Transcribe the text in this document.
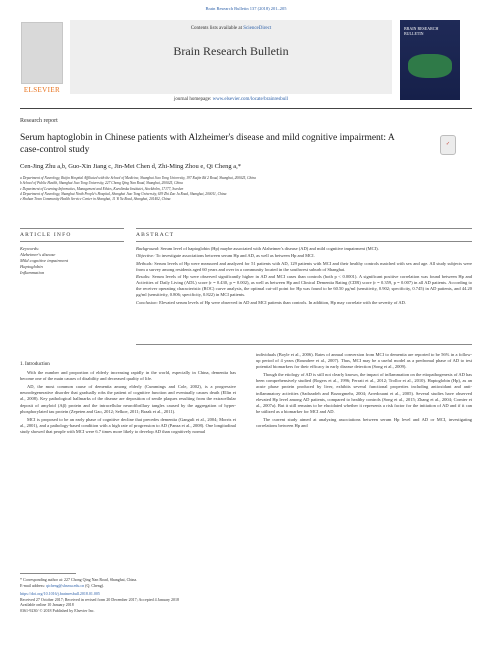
Brain Research Bulletin 137 (2018) 201–205
ELSEVIER
Contents lists available at ScienceDirect
Brain Research Bulletin
BRAIN RESEARCH BULLETIN
journal homepage: www.elsevier.com/locate/brainresbull
Research report
Serum haptoglobin in Chinese patients with Alzheimer's disease and mild cognitive impairment: A case-control study
✓
Cen-Jing Zhu a,b, Guo-Xin Jiang c, Jin-Mei Chen d, Zhi-Ming Zhou e, Qi Cheng a,*
a Department of Neurology, Ruijin Hospital Affiliated with the School of Medicine, Shanghai Jiao Tong University, 197 Ruijin Rd 2 Road, Shanghai, 200025, China
b School of Public Health, Shanghai Jiao Tong University, 227 Chong Qing Nan Road, Shanghai, 200025, China
c Department of Learning Informatics, Management and Ethics, Karolinska Institutet, Stockholm, 17177, Sweden
d Department of Neurology, Shanghai Ninth People's Hospital, Shanghai Jiao Tong University, 639 Zhi Zao Ju Road, Shanghai, 200011, China
e Shuhan Town Community Health Service Center in Shanghai, 11 Yi Yu Road, Shanghai, 201402, China
ARTICLE INFO	ABSTRACT
Keywords:
Alzheimer's disease
Mild cognitive impairment
Haptoglobin
Inflammation

Background: Serum level of haptoglobin (Hp) maybe associated with Alzheimer's disease (AD) and mild cognitive impairment (MCI).

Objective: To investigate associations between serum Hp and AD, as well as between Hp and MCI.

Methods: Serum levels of Hp were measured and analyzed for 51 patients with AD, 129 patients with MCI and their healthy controls matched with sex and age. All study subjects were from a survey among residents aged 60 years and over in a community located in the southwest suburb of Shanghai.

Results: Serum levels of Hp were observed significantly higher in AD and MCI cases than controls (both p < 0.0001). A significant positive correlation was found between Hp and Activities of Daily Living (ADL) score (r = 0.430, p = 0.002), as well as between Hp and Clinical Dementia Rating (CDR) score (r = 0.359, p = 0.007) in all AD patients. According to the receiver operating characteristic (ROC) curve analysis, the optimal cut-off point for Hp was found to be 60.50 μg/ml (sensitivity, 0.902; specificity, 0.745) in AD patients, and 44.20 μg/ml (sensitivity, 0.806; specificity, 0.822) in MCI patients.

Conclusion: Elevated serum levels of Hp were observed in AD and MCI patients than controls. In addition, Hp may correlate with the severity of AD.

1. Introduction

With the number and proportion of elderly increasing rapidly in the world, especially in China, dementia has become one of the main causes of disability and decreased quality of life.

AD, the most common cause of dementia among elderly (Cummings and Cole, 2002), is a progressive neurodegenerative disorder that gradually robs the patient of cognitive function and eventually causes death (Ellin et al., 2008). Key pathological hallmarks of the disease are deposition of senile plaques resulting from the extracellular deposit of amyloid (Aβ) protein and the intracellular neurofibrillary tangles caused by the aggregation of hyper-phosphorylated tau protein (Zepeten and Gao, 2012; Selkoe, 2011; Braak et al., 2011).

MCI is proposed to be an early phase of cognitive decline that precedes dementia (Ganguli et al., 2004; Morris et al., 2001), and a pathology-based condition with a high rate of progression to AD (Panza et al., 2008). One longitudinal study showed that people with MCI were 6.7 times more likely to develop AD than cognitively normal

individuals (Boyle et al., 2006). Rates of annual conversion from MCI to dementia are reported to be 56% in a follow-up period of 4 years (Roundree et al., 2007). Thus, MCI may be a useful model as a predromal phase of AD to test potential biomarkers for their efficacy in early disease detection (Song et al., 2009).

Though the etiology of AD is still not clearly known, the impact of inflammation on the etiopathogenesis of AD has been comprehensively studied (Rogers et al., 1996; Ferrati et al., 2012; Trollor et al., 2010). Haptoglobin (Hp), as an acute phase protein produced by liver, exhibits several functional properties including antioxidant and anti-inflammatory activities (Sadrzadeh and Bozorgmehr, 2004; Arredouani et al., 2005). Several studies have observed elevated Hp level among AD patients, compared to healthy controls (Song et al., 2015; Zhang et al., 2004; Cornier et al., 2007a). But it still remains to be elucidated whether it represents a risk factor for the initiation of AD and if it can be utilized as a biomarker for MCI and AD.

The current study aimed at analyzing associations between serum Hp level and AD or MCI, investigating correlations between Hp and

* Corresponding author at: 227 Chong Qing Nan Road, Shanghai, China.
E-mail address: qicheng@shsmu.edu.cn (Q. Cheng).
https://doi.org/10.1016/j.brainresbull.2018.01.005
Received 27 October 2017; Received in revised form 20 December 2017; Accepted 4 January 2018
Available online 10 January 2018
0361-9230/ © 2018 Published by Elsevier Inc.
